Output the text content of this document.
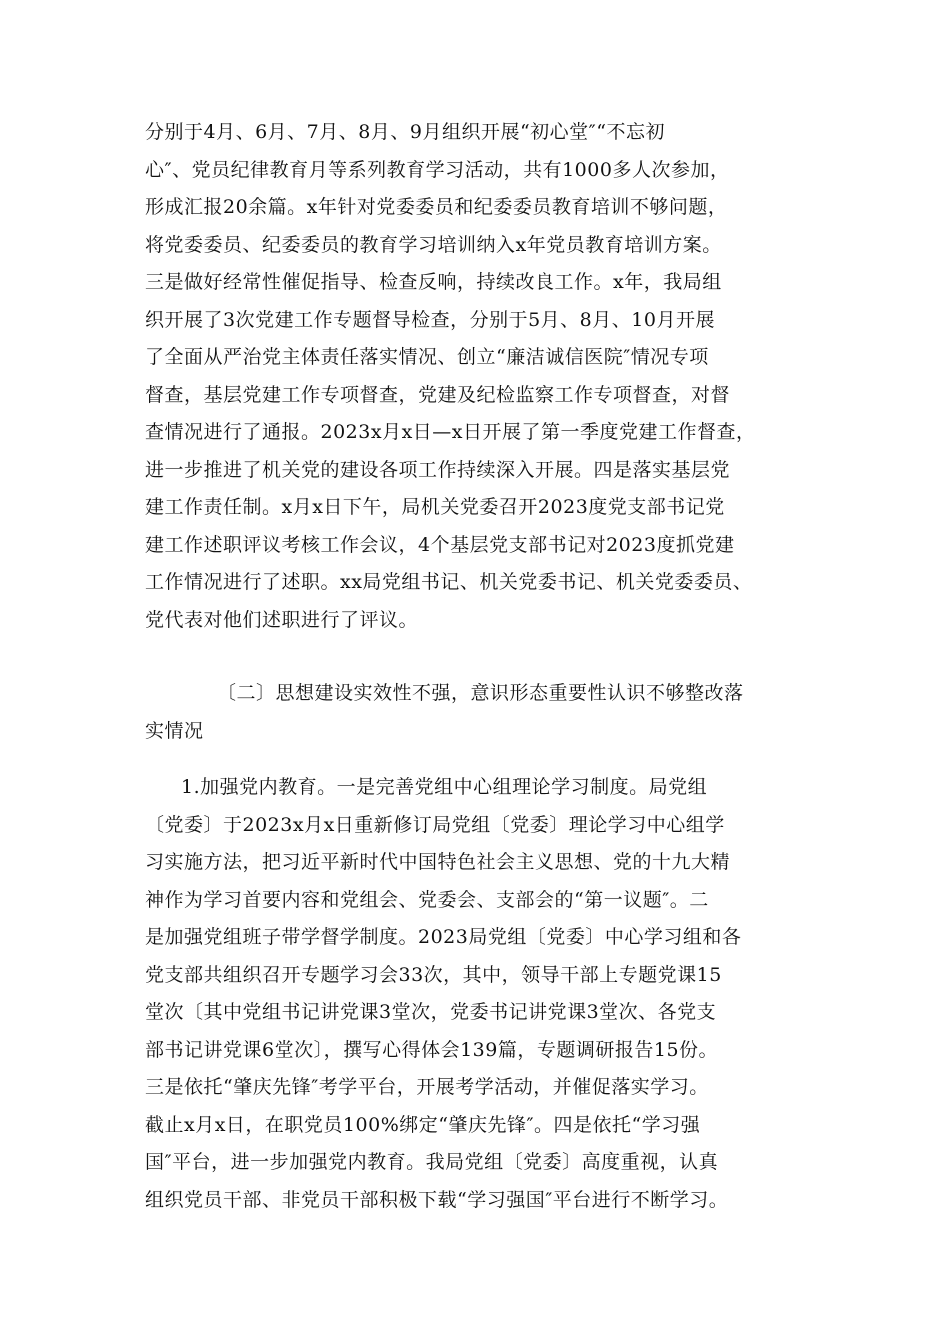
分别于4月、6月、7月、8月、9月组织开展“初心堂″“不忘初
心″、党员纪律教育月等系列教育学习活动，共有1000多人次参加，
形成汇报20余篇。x年针对党委委员和纪委委员教育培训不够问题，
将党委委员、纪委委员的教育学习培训纳入x年党员教育培训方案。
三是做好经常性催促指导、检查反响，持续改良工作。x年，我局组
织开展了3次党建工作专题督导检查，分别于5月、8月、10月开展
了全面从严治党主体责任落实情况、创立“廉洁诚信医院″情况专项
督查，基层党建工作专项督查，党建及纪检监察工作专项督查，对督
查情况进行了通报。2023x月x日—x日开展了第一季度党建工作督查，
进一步推进了机关党的建设各项工作持续深入开展。四是落实基层党
建工作责任制。x月x日下午，局机关党委召开2023度党支部书记党
建工作述职评议考核工作会议，4个基层党支部书记对2023度抓党建
工作情况进行了述职。xx局党组书记、机关党委书记、机关党委委员、
党代表对他们述职进行了评议。
〔二〕思想建设实效性不强，意识形态重要性认识不够整改落
实情况
1.加强党内教育。一是完善党组中心组理论学习制度。局党组
〔党委〕于2023x月x日重新修订局党组〔党委〕理论学习中心组学
习实施方法，把习近平新时代中国特色社会主义思想、党的十九大精
神作为学习首要内容和党组会、党委会、支部会的“第一议题″。二
是加强党组班子带学督学制度。2023局党组〔党委〕中心学习组和各
党支部共组织召开专题学习会33次，其中，领导干部上专题党课15
堂次〔其中党组书记讲党课3堂次，党委书记讲党课3堂次、各党支
部书记讲党课6堂次〕，撰写心得体会139篇，专题调研报告15份。
三是依托“肇庆先锋″考学平台，开展考学活动，并催促落实学习。
截止x月x日，在职党员100%绑定“肇庆先锋″。四是依托“学习强
国″平台，进一步加强党内教育。我局党组〔党委〕高度重视，认真
组织党员干部、非党员干部积极下载“学习强国″平台进行不断学习。
